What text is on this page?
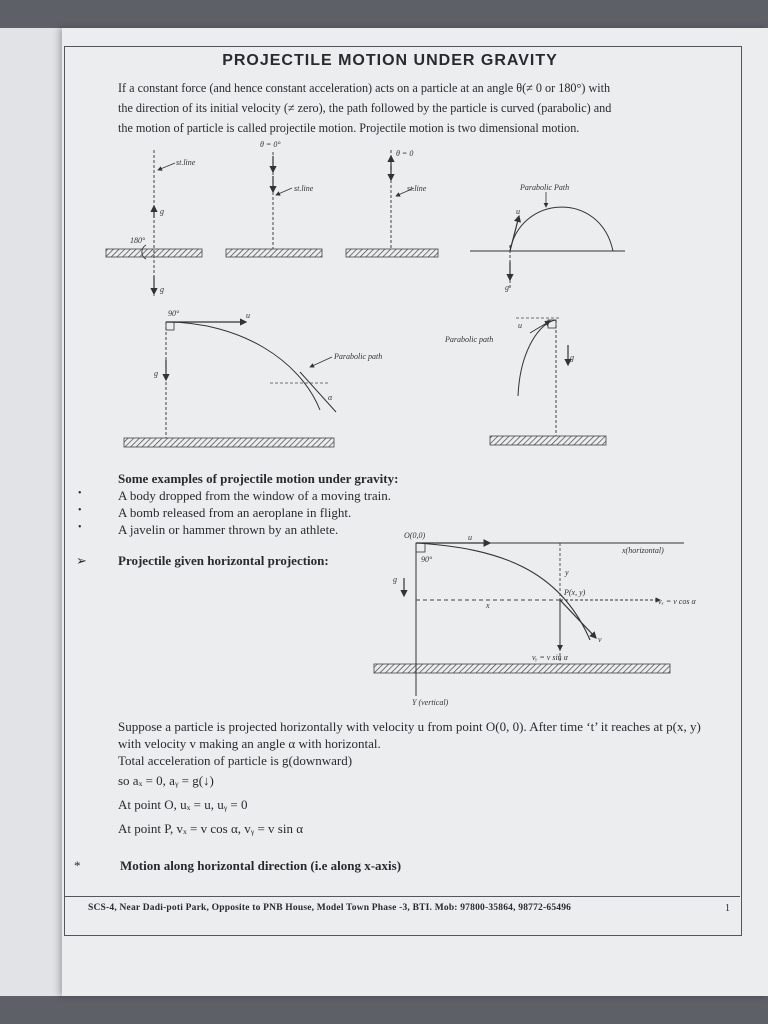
PROJECTILE MOTION UNDER GRAVITY
If a constant force (and hence constant acceleration) acts on a particle at an angle θ(≠ 0 or 180°) with
the direction of its initial velocity (≠ zero), the path followed by the particle is curved (parabolic) and
the motion of particle is called projectile motion. Projectile motion is two dimensional motion.
st.line
180°
g⃗
g⃗
θ = 0°
st.line
θ = 0
st.line	Parabolic Path
u⃗
g⃗
90°	u⃗
g⃗
Parabolic path
α
Parabolic path
u⃗
g⃗
O(0,0)
x(horizontal)
Y (vertical)
P(x, y)
vₓ = v cos α
vᵧ = v sin α
x
y
u⃗
g⃗
90°
v
Some examples of projectile motion under gravity:
•	A body dropped from the window of a moving train.
•	A bomb released from an aeroplane in flight.
•	A javelin or hammer thrown by an athlete.
➢ Projectile given horizontal projection:
Suppose a particle is projected horizontally with velocity u from point O(0, 0). After time ‘t’ it reaches at p(x, y) with velocity v making an angle α with horizontal.
Total acceleration of particle is g(downward)
so aₓ = 0, aᵧ = g(↓)
At point O, uₓ = u, uᵧ = 0
At point P, vₓ = v cos α, vᵧ = v sin α
*	Motion along horizontal direction (i.e along x-axis)
SCS-4, Near Dadi-poti Park, Opposite to PNB House, Model Town Phase -3, BTI. Mob: 97800-35864, 98772-65496	1
